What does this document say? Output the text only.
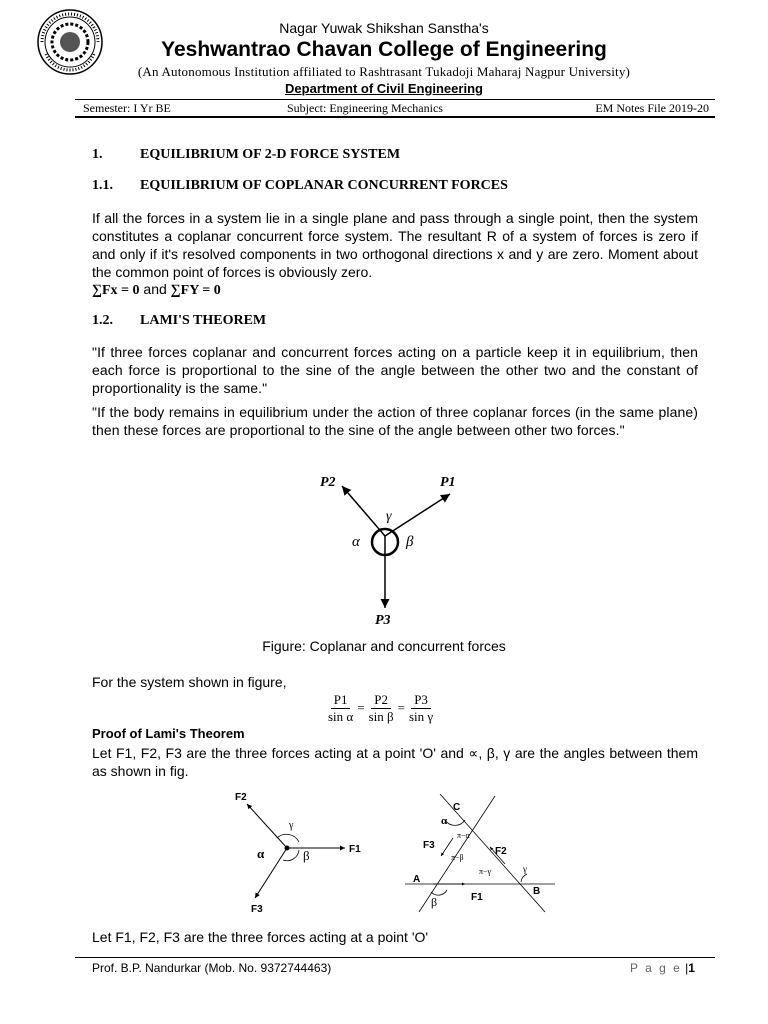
Nagar Yuwak Shikshan Sanstha's
Yeshwantrao Chavan College of Engineering
(An Autonomous Institution affiliated to Rashtrasant Tukadoji Maharaj Nagpur University)
Department of Civil Engineering
Semester: I Yr BE	Subject: Engineering Mechanics	EM Notes File 2019-20
1.	EQUILIBRIUM OF 2-D FORCE SYSTEM
1.1. EQUILIBRIUM OF COPLANAR CONCURRENT FORCES
If all the forces in a system lie in a single plane and pass through a single point, then the system constitutes a coplanar concurrent force system. The resultant R of a system of forces is zero if and only if it's resolved components in two orthogonal directions x and y are zero. Moment about the common point of forces is obviously zero.
∑Fx = 0 and ∑FY = 0
1.2. LAMI'S THEOREM
"If three forces coplanar and concurrent forces acting on a particle keep it in equilibrium, then each force is proportional to the sine of the angle between the other two and the constant of proportionality is the same."
"If the body remains in equilibrium under the action of three coplanar forces (in the same plane) then these forces are proportional to the sine of the angle between other two forces."
P2	P1
P3
α	β
γ
Figure: Coplanar and concurrent forces
For the system shown in figure,
$\frac{P1}{\text{sin α}} = \frac{P2}{\text{sin β}} = \frac{P3}{\text{sin γ}}$
Proof of Lami's Theorem
Let F1, F2, F3 are the three forces acting at a point 'O' and ∝, β, γ are the angles between them as shown in fig.
F2
F1
F3
α	β
γ
C
A
B
F1
F2
F3
α
β
γ
π−α
π−β
π−γ
Let F1, F2, F3 are the three forces acting at a point 'O'
Prof. B.P. Nandurkar (Mob. No. 9372744463)	P a g e |1
